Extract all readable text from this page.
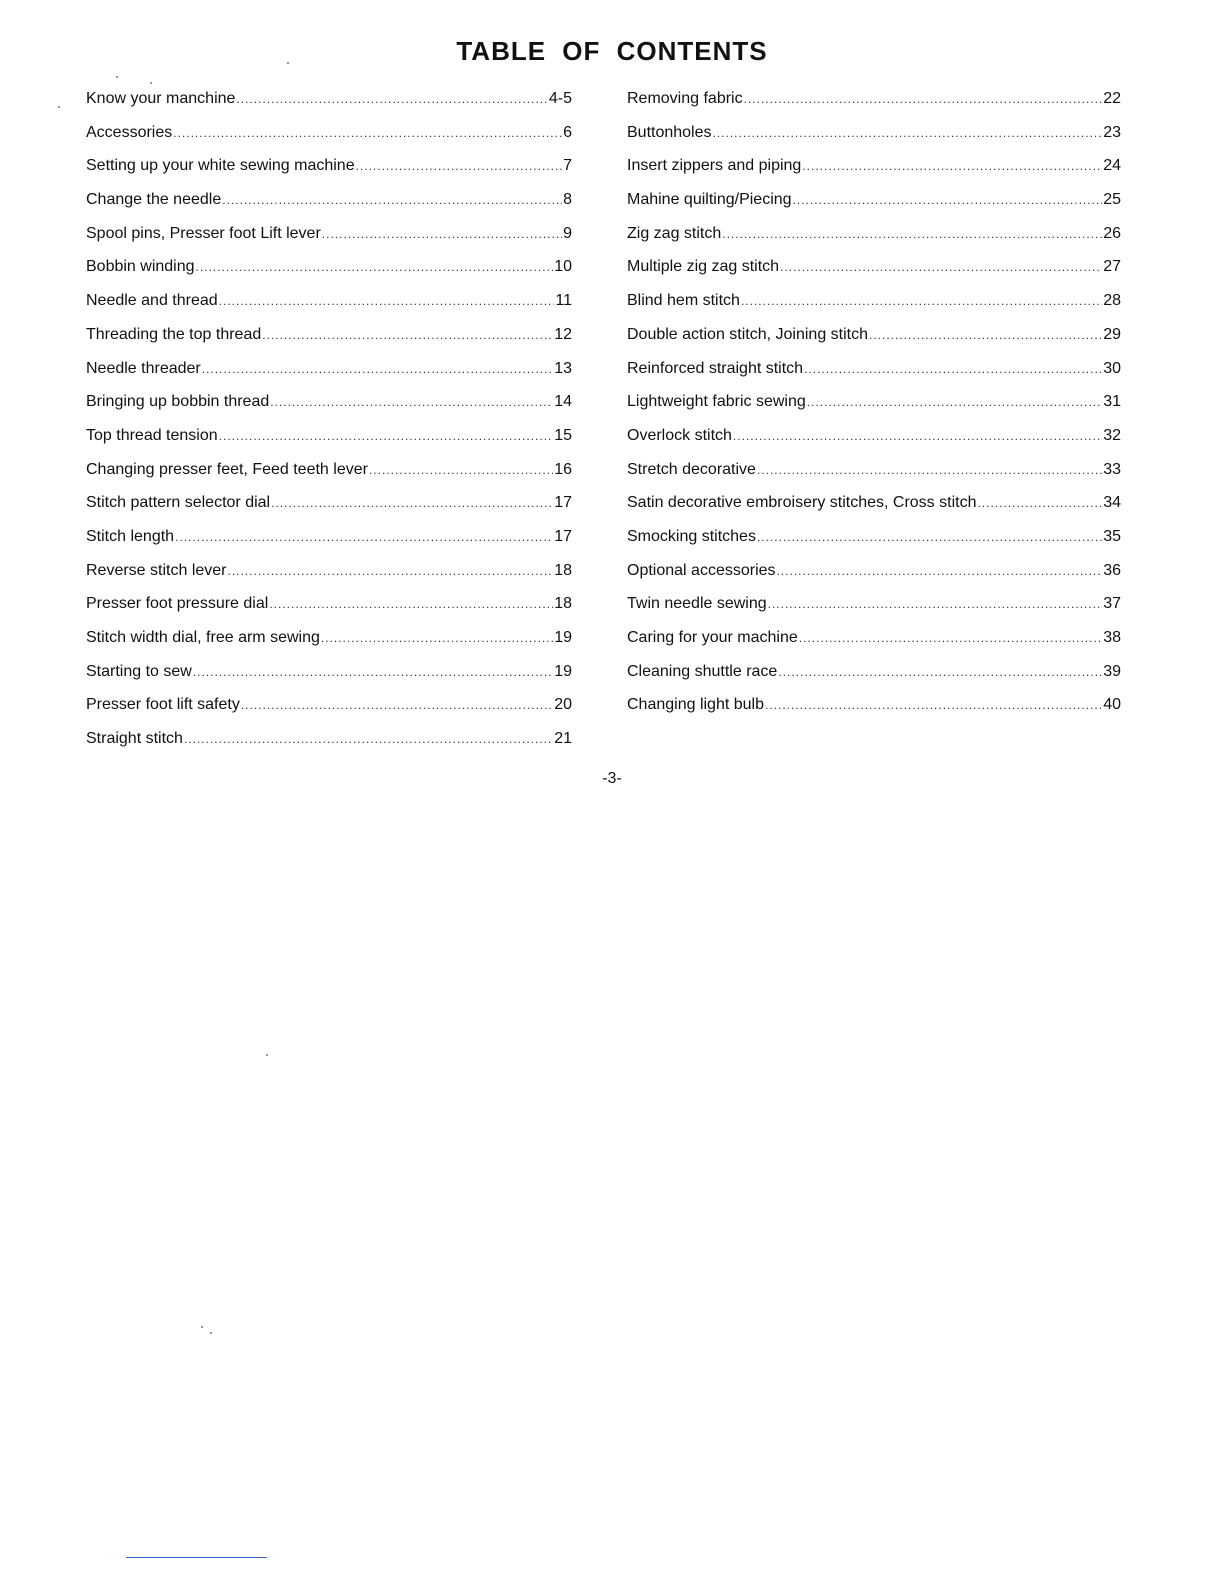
TABLE OF CONTENTS
Know your manchine .....	4-5
Accessories .....	6
Setting up your white sewing machine .....	7
Change the needle .....	8
Spool pins, Presser foot Lift lever .....	9
Bobbin winding .....	10
Needle and thread .....	11
Threading the top thread .....	12
Needle threader .....	13
Bringing up bobbin thread .....	14
Top thread tension .....	15
Changing presser feet, Feed teeth lever .....	16
Stitch pattern selector dial .....	17
Stitch length .....	17
Reverse stitch lever .....	18
Presser foot pressure dial .....	18
Stitch width dial, free arm sewing .....	19
Starting to sew .....	19
Presser foot lift safety .....	20
Straight stitch .....	21
Removing fabric .....	22
Buttonholes .....	23
Insert zippers and piping .....	24
Mahine quilting/Piecing .....	25
Zig zag stitch .....	26
Multiple zig zag stitch .....	27
Blind hem stitch .....	28
Double action stitch, Joining stitch .....	29
Reinforced straight stitch .....	30
Lightweight fabric sewing .....	31
Overlock stitch .....	32
Stretch decorative .....	33
Satin decorative embroisery stitches, Cross stitch .....	34
Smocking stitches .....	35
Optional accessories .....	36
Twin needle sewing .....	37
Caring for your machine .....	38
Cleaning shuttle race .....	39
Changing light bulb .....	40
-3-
